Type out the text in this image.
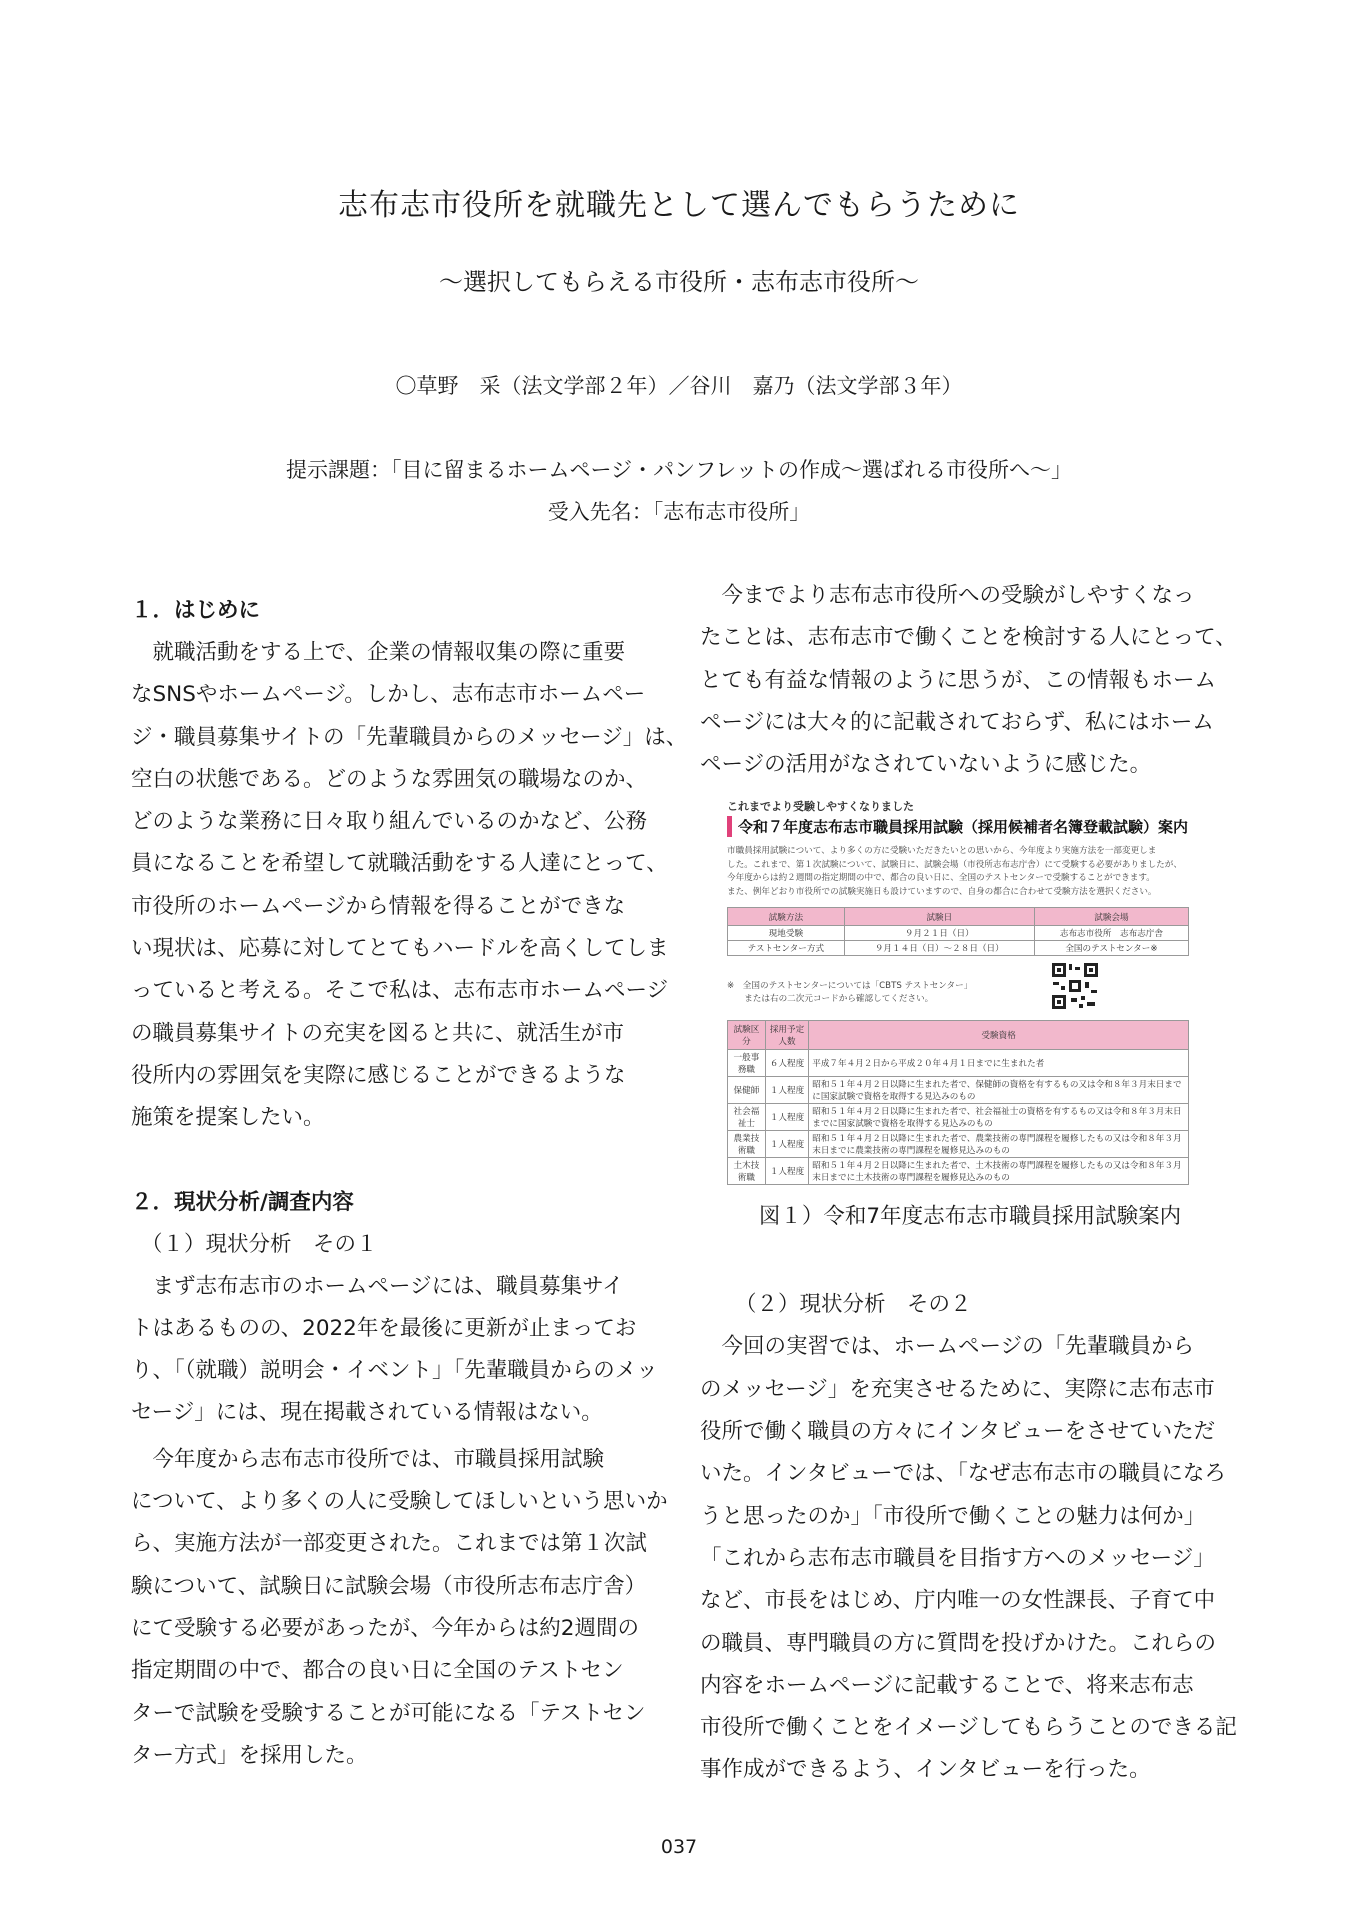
志布志市役所を就職先として選んでもらうために
〜選択してもらえる市役所・志布志市役所〜
〇草野　采（法文学部２年）／谷川　嘉乃（法文学部３年）
提示課題：「目に留まるホームページ・パンフレットの作成〜選ばれる市役所へ〜」
受入先名：「志布志市役所」

１．はじめに

　就職活動をする上で、企業の情報収集の際に重要
なSNSやホームページ。しかし、志布志市ホームペー
ジ・職員募集サイトの「先輩職員からのメッセージ」は、
空白の状態である。どのような雰囲気の職場なのか、
どのような業務に日々取り組んでいるのかなど、公務
員になることを希望して就職活動をする人達にとって、
市役所のホームページから情報を得ることができな
い現状は、応募に対してとてもハードルを高くしてしま
っていると考える。そこで私は、志布志市ホームページ
の職員募集サイトの充実を図ると共に、就活生が市
役所内の雰囲気を実際に感じることができるような
施策を提案したい。

２．現状分析/調査内容

（１）現状分析　その１

　まず志布志市のホームページには、職員募集サイ
トはあるものの、2022年を最後に更新が止まってお
り、「（就職）説明会・イベント」「先輩職員からのメッ
セージ」には、現在掲載されている情報はない。
　今年度から志布志市役所では、市職員採用試験
について、より多くの人に受験してほしいという思いか
ら、実施方法が一部変更された。これまでは第１次試
験について、試験日に試験会場（市役所志布志庁舎）
にて受験する必要があったが、今年からは約2週間の
指定期間の中で、都合の良い日に全国のテストセン
ターで試験を受験することが可能になる「テストセン
ター方式」を採用した。
　今までより志布志市役所への受験がしやすくなっ
たことは、志布志市で働くことを検討する人にとって、
とても有益な情報のように思うが、この情報もホーム
ページには大々的に記載されておらず、私にはホーム
ページの活用がなされていないように感じた。
これまでより受験しやすくなりました
令和７年度志布志市職員採用試験（採用候補者名簿登載試験）案内
市職員採用試験について、より多くの方に受験いただきたいとの思いから、今年度より実施方法を一部変更しま
した。これまで、第１次試験について、試験日に、試験会場（市役所志布志庁舎）にて受験する必要がありましたが、
今年度からは約２週間の指定期間の中で、都合の良い日に、全国のテストセンターで受験することができます。
また、例年どおり市役所での試験実施日も設けていますので、自身の都合に合わせて受験方法を選択ください。
試験方法	試験日	試験会場
現地受験	９月２１日（日）	志布志市役所　志布志庁舎
テストセンター方式	９月１４日（日）〜２８日（日）	全国のテストセンター※
※　全国のテストセンターについては「CBTS テストセンター」
　　または右の二次元コードから確認してください。
試験区分	採用予定人数	受験資格
一般事務職	６人程度	平成７年４月２日から平成２０年４月１日までに生まれた者
保健師	１人程度	昭和５１年４月２日以降に生まれた者で、保健師の資格を有するもの又は令和８年３月末日までに国家試験で資格を取得する見込みのもの
社会福祉士	１人程度	昭和５１年４月２日以降に生まれた者で、社会福祉士の資格を有するもの又は令和８年３月末日までに国家試験で資格を取得する見込みのもの
農業技術職	１人程度	昭和５１年４月２日以降に生まれた者で、農業技術の専門課程を履修したもの又は令和８年３月末日までに農業技術の専門課程を履修見込みのもの
土木技術職	１人程度	昭和５１年４月２日以降に生まれた者で、土木技術の専門課程を履修したもの又は令和８年３月末日までに土木技術の専門課程を履修見込みのもの
図１）令和7年度志布志市職員採用試験案内

（２）現状分析　その２

　今回の実習では、ホームページの「先輩職員から
のメッセージ」を充実させるために、実際に志布志市
役所で働く職員の方々にインタビューをさせていただ
いた。インタビューでは、「なぜ志布志市の職員になろ
うと思ったのか」「市役所で働くことの魅力は何か」
「これから志布志市職員を目指す方へのメッセージ」
など、市長をはじめ、庁内唯一の女性課長、子育て中
の職員、専門職員の方に質問を投げかけた。これらの
内容をホームページに記載することで、将来志布志
市役所で働くことをイメージしてもらうことのできる記
事作成ができるよう、インタビューを行った。
037
